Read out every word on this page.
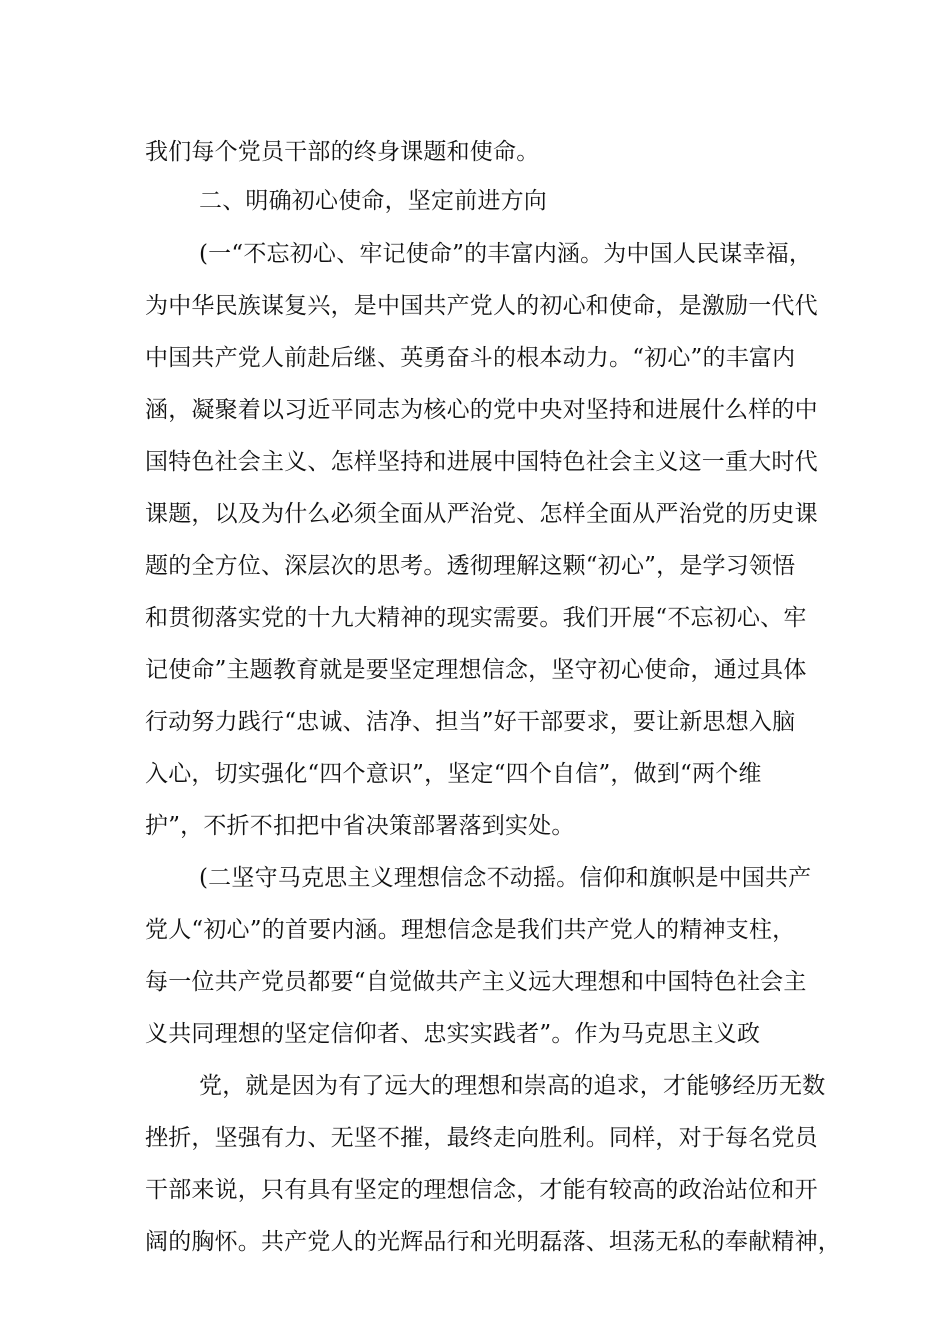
我们每个党员干部的终身课题和使命。
二、明确初心使命，坚定前进方向
(一“不忘初心、牢记使命”的丰富内涵。为中国人民谋幸福，
为中华民族谋复兴，是中国共产党人的初心和使命，是激励一代代
中国共产党人前赴后继、英勇奋斗的根本动力。“初心”的丰富内
涵，凝聚着以习近平同志为核心的党中央对坚持和进展什么样的中
国特色社会主义、怎样坚持和进展中国特色社会主义这一重大时代
课题，以及为什么必须全面从严治党、怎样全面从严治党的历史课
题的全方位、深层次的思考。透彻理解这颗“初心”，是学习领悟
和贯彻落实党的十九大精神的现实需要。我们开展“不忘初心、牢
记使命”主题教育就是要坚定理想信念，坚守初心使命，通过具体
行动努力践行“忠诚、洁净、担当”好干部要求，要让新思想入脑
入心，切实强化“四个意识”，坚定“四个自信”，做到“两个维
护”，不折不扣把中省决策部署落到实处。
(二坚守马克思主义理想信念不动摇。信仰和旗帜是中国共产
党人“初心”的首要内涵。理想信念是我们共产党人的精神支柱，
每一位共产党员都要“自觉做共产主义远大理想和中国特色社会主
义共同理想的坚定信仰者、忠实实践者”。作为马克思主义政
党，就是因为有了远大的理想和崇高的追求，才能够经历无数
挫折，坚强有力、无坚不摧，最终走向胜利。同样，对于每名党员
干部来说，只有具有坚定的理想信念，才能有较高的政治站位和开
阔的胸怀。共产党人的光辉品行和光明磊落、坦荡无私的奉献精神，
